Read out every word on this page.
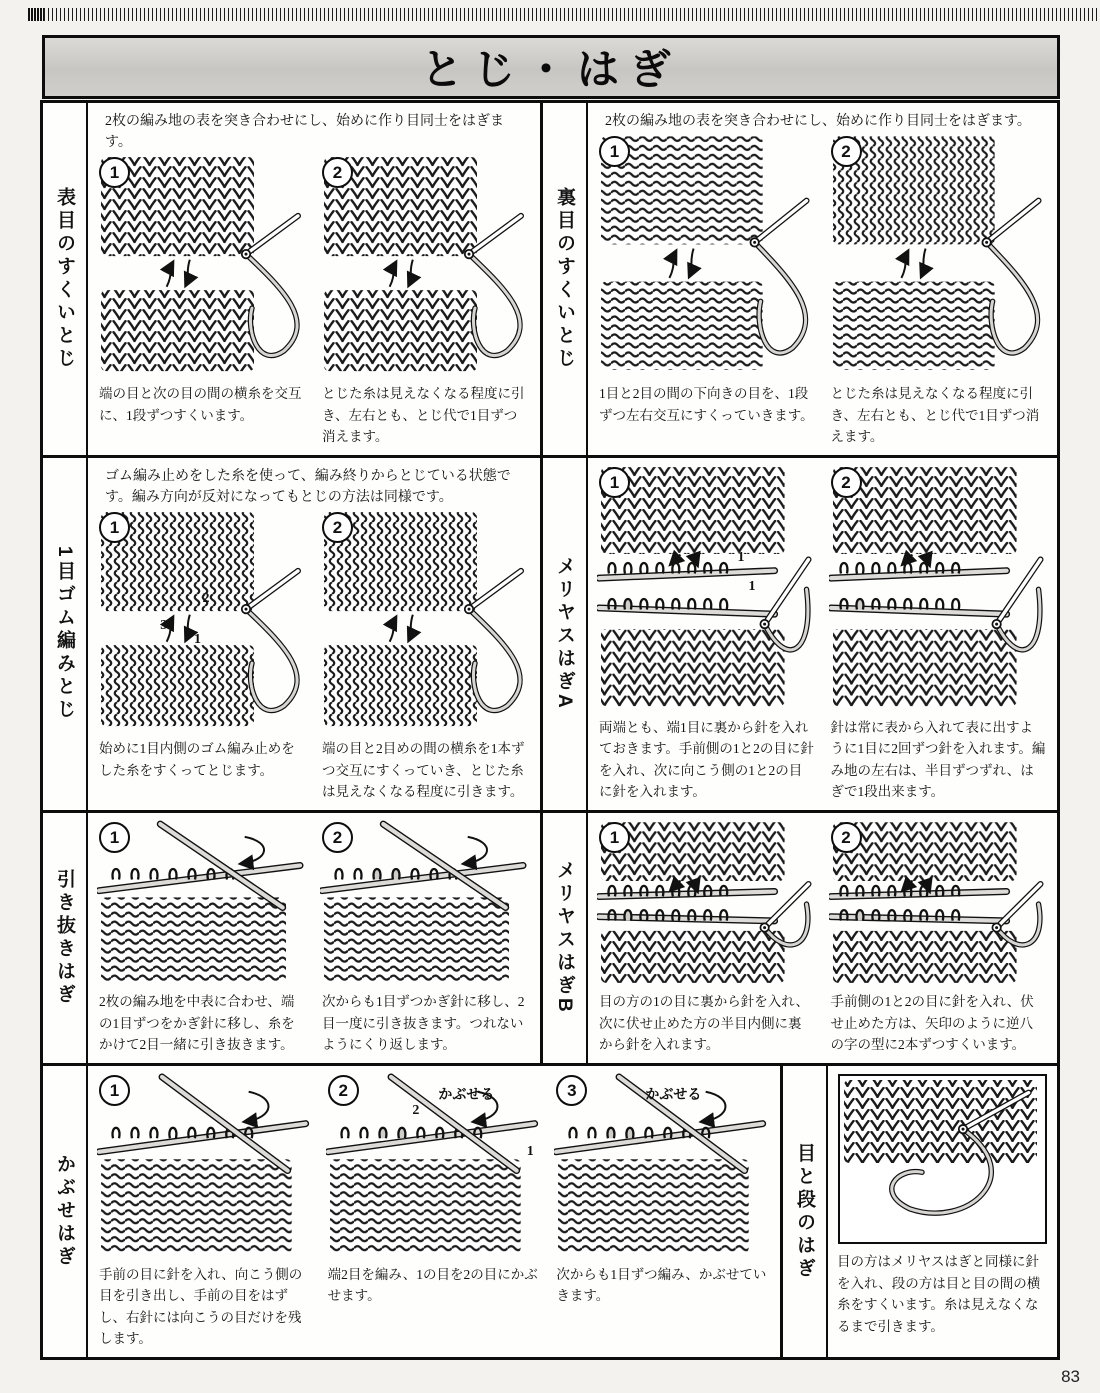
とじ・はぎ
表目のすくいとじ
2枚の編み地の表を突き合わせにし、始めに作り目同士をはぎます。
1	2
端の目と次の目の間の横糸を交互に、1段ずつすくいます。
とじた糸は見えなくなる程度に引き、左右とも、とじ代で1目ずつ消えます。
裏目のすくいとじ
2枚の編み地の表を突き合わせにし、始めに作り目同士をはぎます。
1	2
1目と2目の間の下向きの目を、1段ずつ左右交互にすくっていきます。
とじた糸は見えなくなる程度に引き、左右とも、とじ代で1目ずつ消えます。
1目ゴム編みとじ
ゴム編み止めをした糸を使って、編み終りからとじている状態です。編み方向が反対になってもとじの方法は同様です。
1
3
2
1
2
始めに1目内側のゴム編み止めをした糸をすくってとじます。
端の目と2目めの間の横糸を1本ずつ交互にすくっていき、とじた糸は見えなくなる程度に引きます。
メリヤスはぎA
1
1
1
2
両端とも、端1目に裏から針を入れておきます。手前側の1と2の目に針を入れ、次に向こう側の1と2の目に針を入れます。
針は常に表から入れて表に出すように1目に2回ずつ針を入れます。編み地の左右は、半目ずつずれ、はぎで1段出来ます。
引き抜きはぎ
1	2
2枚の編み地を中表に合わせ、端の1目ずつをかぎ針に移し、糸をかけて2目一緒に引き抜きます。
次からも1目ずつかぎ針に移し、2目一度に引き抜きます。つれないようにくり返します。
メリヤスはぎB
1	2
目の方の1の目に裏から針を入れ、次に伏せ止めた方の半目内側に裏から針を入れます。
手前側の1と2の目に針を入れ、伏せ止めた方は、矢印のように逆八の字の型に2本ずつすくいます。
かぶせはぎ
1	2
2
かぶせる
1
3	かぶせる
手前の目に針を入れ、向こう側の目を引き出し、手前の目をはずし、右針には向こうの目だけを残します。
端2目を編み、1の目を2の目にかぶせます。
次からも1目ずつ編み、かぶせていきます。
目と段のはぎ	目の方はメリヤスはぎと同様に針を入れ、段の方は目と目の間の横糸をすくいます。糸は見えなくなるまで引きます。
83
